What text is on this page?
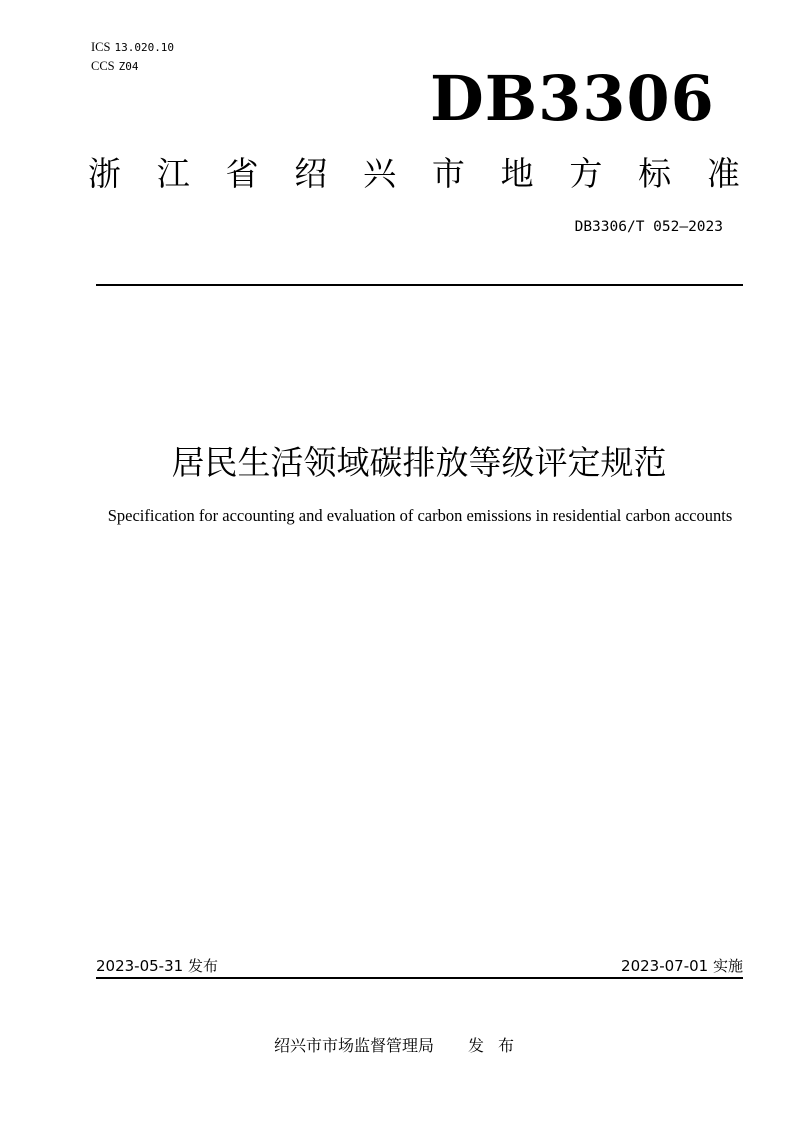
ICS 13.020.10
CCS Z04	DB3306
浙 江 省 绍 兴 市 地 方 标 准
DB3306/T 052—2023
居民生活领域碳排放等级评定规范
Specification for accounting and evaluation of carbon emissions in residential carbon accounts
2023-05-31 发布	2023-07-01 实施
绍兴市市场监督管理局 发布
